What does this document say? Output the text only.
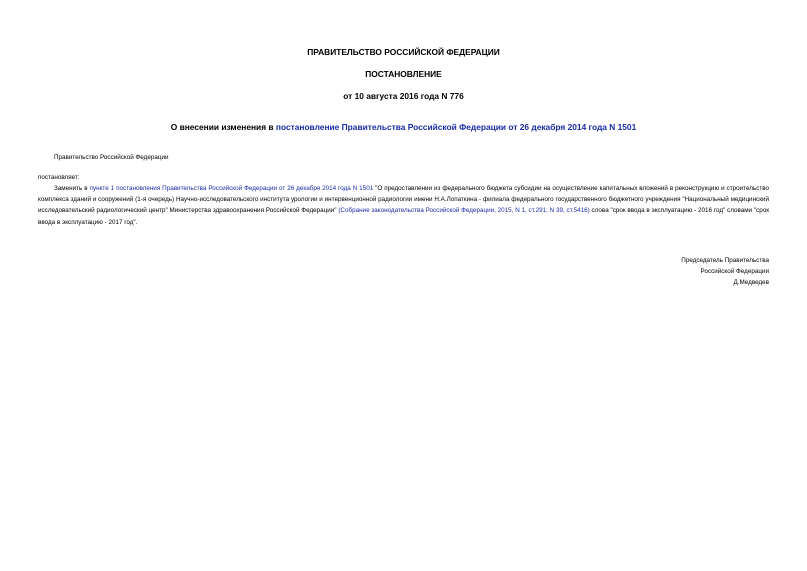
ПРАВИТЕЛЬСТВО РОССИЙСКОЙ ФЕДЕРАЦИИ
ПОСТАНОВЛЕНИЕ
от 10 августа 2016 года N 776
О внесении изменения в постановление Правительства Российской Федерации от 26 декабря 2014 года N 1501
Правительство Российской Федерации
постановляет:
Заменить в пункте 1 постановления Правительства Российской Федерации от 26 декабря 2014 года N 1501 "О предоставлении из федерального бюджета субсидии на осуществление капитальных вложений в реконструкцию и строительство комплекса зданий и сооружений (1-я очередь) Научно-исследовательского института урологии и интервенционной радиологии имени Н.А.Лопаткина - филиала федерального государственного бюджетного учреждения "Национальный медицинский исследовательский радиологический центр" Министерства здравоохранения Российской Федерации" (Собрание законодательства Российской Федерации, 2015, N 1, ст.291; N 39, ст.5416) слова "срок ввода в эксплуатацию - 2016 год" словами "срок ввода в эксплуатацию - 2017 год".
Председатель Правительства
Российской Федерации
Д.Медведев
